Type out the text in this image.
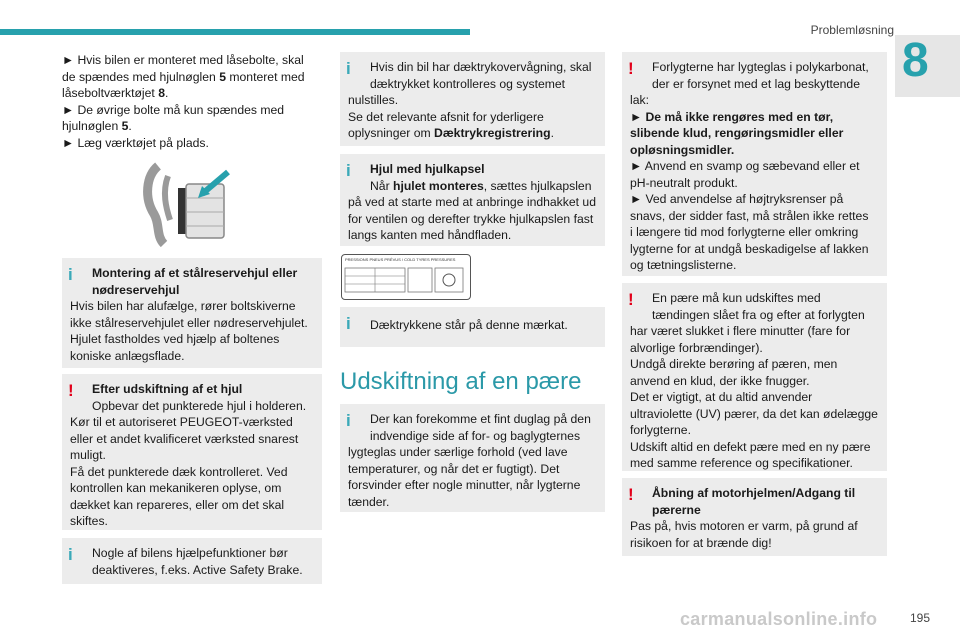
Problemløsning
8
► Hvis bilen er monteret med låsebolte, skal
de spændes med hjulnøglen 5 monteret med
låseboltværktøjet 8.
► De øvrige bolte må kun spændes med
hjulnøglen 5.
► Læg værktøjet på plads.
i	Montering af et stålreservehjul eller
nødreservehjul
Hvis bilen har alufælge, rører boltskiverne
ikke stålreservehjulet eller nødreservehjulet.
Hjulet fastholdes ved hjælp af boltenes
koniske anlægsflade.
!	Efter udskiftning af et hjul
Opbevar det punkterede hjul i holderen.
Kør til et autoriseret PEUGEOT-værksted
eller et andet kvalificeret værksted snarest
muligt.
Få det punkterede dæk kontrolleret. Ved
kontrollen kan mekanikeren oplyse, om
dækket kan repareres, eller om det skal
skiftes.
i	Nogle af bilens hjælpefunktioner bør
deaktiveres, f.eks. Active Safety Brake.
i	Hvis din bil har dæktrykovervågning, skal
dæktrykket kontrolleres og systemet
nulstilles.
Se det relevante afsnit for yderligere
oplysninger om Dæktrykregistrering.
i	Hjul med hjulkapsel
Når hjulet monteres, sættes hjulkapslen
på ved at starte med at anbringe indhakket ud
for ventilen og derefter trykke hjulkapslen fast
langs kanten med håndfladen.
PRESSIONS PNEUS PRÉVUS / COLD TYRES PRESSURES
i	Dæktrykkene står på denne mærkat.
Udskiftning af en pære
i	Der kan forekomme et fint duglag på den
indvendige side af for- og baglygternes
lygteglas under særlige forhold (ved lave
temperaturer, og når det er fugtigt). Det
forsvinder efter nogle minutter, når lygterne
tænder.
!	Forlygterne har lygteglas i polykarbonat,
der er forsynet med et lag beskyttende
lak:
► De må ikke rengøres med en tør,
slibende klud, rengøringsmidler eller
opløsningsmidler.
► Anvend en svamp og sæbevand eller et
pH-neutralt produkt.
► Ved anvendelse af højtryksrenser på
snavs, der sidder fast, må strålen ikke rettes
i længere tid mod forlygterne eller omkring
lygterne for at undgå beskadigelse af lakken
og tætningslisterne.
!	En pære må kun udskiftes med
tændingen slået fra og efter at forlygten
har været slukket i flere minutter (fare for
alvorlige forbrændinger).
Undgå direkte berøring af pæren, men
anvend en klud, der ikke fnugger.
Det er vigtigt, at du altid anvender
ultraviolette (UV) pærer, da det kan ødelægge
forlygterne.
Udskift altid en defekt pære med en ny pære
med samme reference og specifikationer.
!	Åbning af motorhjelmen/Adgang til
pærerne
Pas på, hvis motoren er varm, på grund af
risikoen for at brænde dig!
carmanualsonline.info	195
